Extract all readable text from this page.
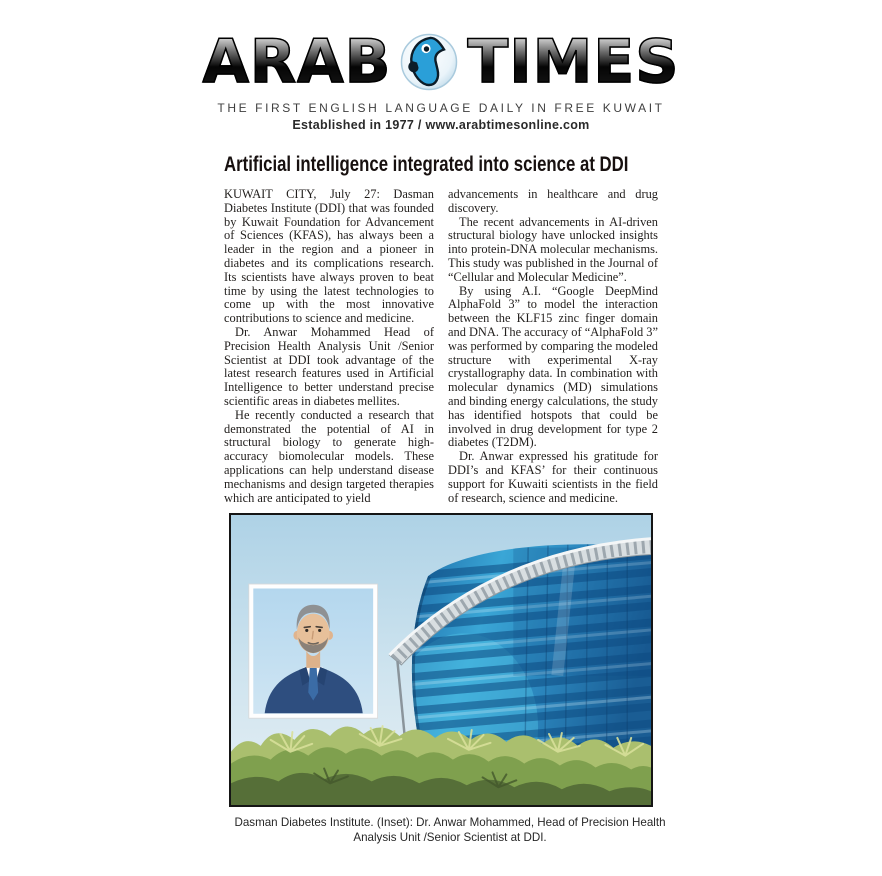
ARAB TIMES
THE FIRST ENGLISH LANGUAGE DAILY IN FREE KUWAIT
Established in 1977 / www.arabtimesonline.com
Artificial intelligence integrated into science at DDI

KUWAIT CITY, July 27: Dasman Diabetes Institute (DDI) that was founded by Kuwait Foundation for Advancement of Sciences (KFAS), has always been a leader in the region and a pioneer in diabetes and its complications research. Its scientists have always proven to beat time by using the latest technologies to come up with the most innovative contributions to science and medicine.

Dr. Anwar Mohammed Head of Precision Health Analysis Unit /Senior Scientist at DDI took advantage of the latest research features used in Artificial Intelligence to better understand precise scientific areas in diabetes mellites.

He recently conducted a research that demonstrated the potential of AI in structural biology to generate high-accuracy biomolecular models. These applications can help understand disease mechanisms and design targeted therapies which are anticipated to yield

advancements in healthcare and drug discovery.

The recent advancements in AI-driven structural biology have unlocked insights into protein-DNA molecular mechanisms. This study was published in the Journal of “Cellular and Molecular Medicine”.

By using A.I. “Google DeepMind AlphaFold 3” to model the interaction between the KLF15 zinc finger domain and DNA. The accuracy of “AlphaFold 3” was performed by comparing the modeled structure with experimental X-ray crystallography data. In combination with molecular dynamics (MD) simulations and binding energy calculations, the study has identified hotspots that could be involved in drug development for type 2 diabetes (T2DM).

Dr. Anwar expressed his gratitude for DDI’s and KFAS’ for their continuous support for Kuwaiti scientists in the field of research, science and medicine.

Dasman Diabetes Institute. (Inset): Dr. Anwar Mohammed, Head of Precision Health Analysis Unit /Senior Scientist at DDI.
